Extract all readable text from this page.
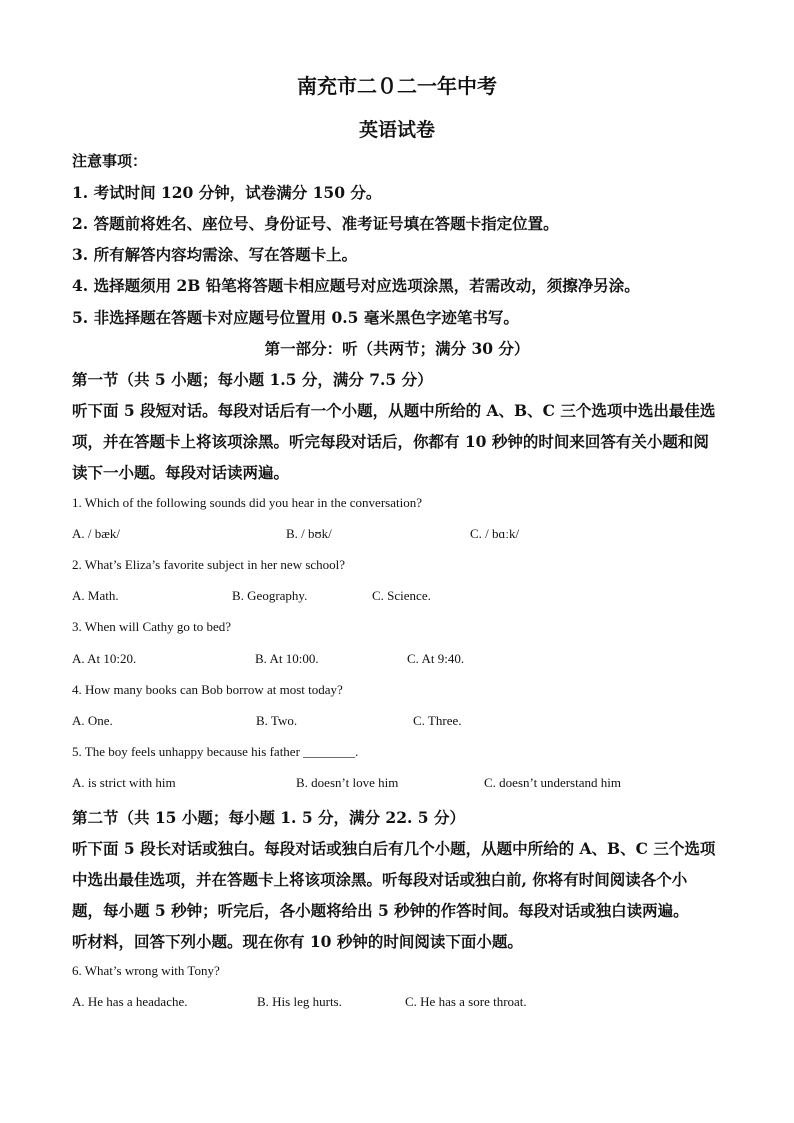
南充市二０二一年中考
英语试卷
注意事项：
1. 考试时间 120 分钟，试卷满分 150 分。
2. 答题前将姓名、座位号、身份证号、准考证号填在答题卡指定位置。
3. 所有解答内容均需涂、写在答题卡上。
4. 选择题须用 2B 铅笔将答题卡相应题号对应选项涂黑，若需改动，须擦净另涂。
5. 非选择题在答题卡对应题号位置用 0.5 毫米黑色字迹笔书写。
第一部分：听（共两节；满分 30 分）
第一节（共 5 小题；每小题 1.5 分，满分 7.5 分）
听下面 5 段短对话。每段对话后有一个小题，从题中所给的 A、B、C 三个选项中选出最佳选
项，并在答题卡上将该项涂黑。听完每段对话后，你都有 10 秒钟的时间来回答有关小题和阅
读下一小题。每段对话读两遍。
1. Which of the following sounds did you hear in the conversation?
A. / bæk/	B. / bʊk/	C. / bɑːk/
2. What’s Eliza’s favorite subject in her new school?
A. Math.	B. Geography.	C. Science.
3. When will Cathy go to bed?
A. At 10:20.	B. At 10:00.	C. At 9:40.
4. How many books can Bob borrow at most today?
A. One.	B. Two.	C. Three.
5. The boy feels unhappy because his father ________.
A. is strict with him	B. doesn’t love him	C. doesn’t understand him
第二节（共 15 小题；每小题 1. 5 分，满分 22. 5 分）
听下面 5 段长对话或独白。每段对话或独白后有几个小题，从题中所给的 A、B、C 三个选项
中选出最佳选项，并在答题卡上将该项涂黑。听每段对话或独白前, 你将有时间阅读各个小
题，每小题 5 秒钟；听完后，各小题将给出 5 秒钟的作答时间。每段对话或独白读两遍。
听材料，回答下列小题。现在你有 10 秒钟的时间阅读下面小题。
6. What’s wrong with Tony?
A. He has a headache.	B. His leg hurts.	C. He has a sore throat.
